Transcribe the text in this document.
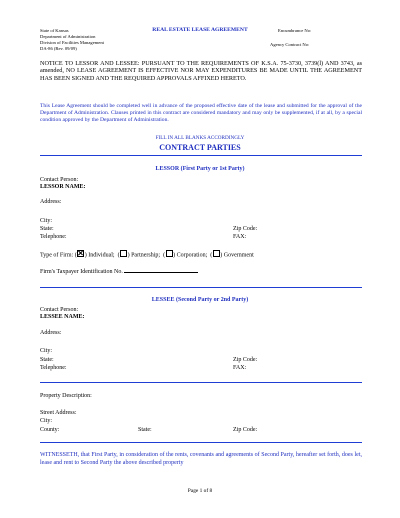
State of Kansas
Department of Administration
Division of Facilities Management
DA-86 (Rev. 09/09)
REAL ESTATE LEASE AGREEMENT	Encumbrance No:
Agency Contract No:
NOTICE TO LESSOR AND LESSEE: PURSUANT TO THE REQUIREMENTS OF K.S.A. 75-3730, 3739(l) AND 3743, as amended, NO LEASE AGREEMENT IS EFFECTIVE NOR MAY EXPENDITURES BE MADE UNTIL THE AGREEMENT HAS BEEN SIGNED AND THE REQUIRED APPROVALS AFFIXED HERETO.
This Lease Agreement should be completed well in advance of the proposed effective date of the lease and submitted for the approval of the Department of Administration. Clauses printed in this contract are considered mandatory and may only be supplemented, if at all, by a special condition approved by the Department of Administration.
FILL IN ALL BLANKS ACCORDINGLY
CONTRACT PARTIES
LESSOR (First Party or 1st Party)
Contact Person:
LESSOR NAME:
Address:
City:
State:	Zip Code:
Telephone:	FAX:
Type of Firm: ( ) Individual;  ( ) Partnership;  ( ) Corporation;  ( ) Government
Firm's Taxpayer Identification No.
LESSEE (Second Party or 2nd Party)
Contact Person:
LESSEE NAME:
Address:
City:
State:	Zip Code:
Telephone:	FAX:
Property Description:
Street Address:
City:
County:	State:	Zip Code:
WITNESSETH, that First Party, in consideration of the rents, covenants and agreements of Second Party, hereafter set forth, does let, lease and rent to Second Party the above described property
Page 1 of 8
